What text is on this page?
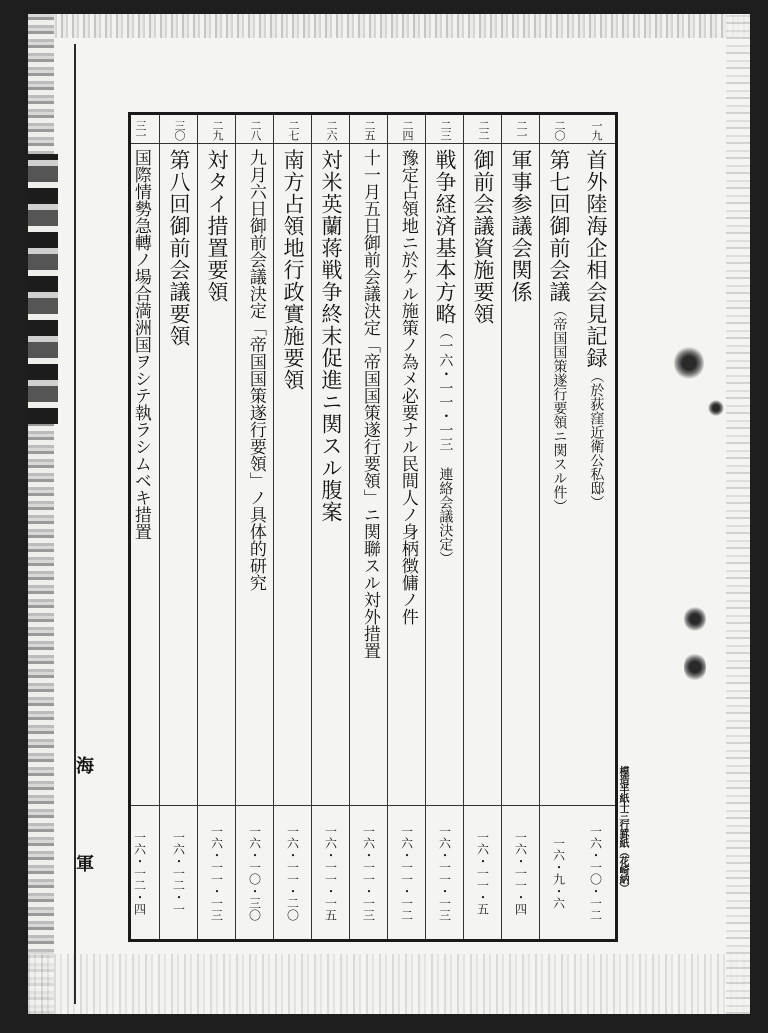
一九
首外陸海企相会見記録
（於荻窪近衛公私邸）
一六・一〇・一二
二〇
第七回御前会議
（帝国国策遂行要領ニ関スル件）
一六・九・六
二一
軍事参議会関係
一六・一一・四
二二
御前会議資施要領
一六・一一・五
二三
戦争経済基本方略
（一六・一一・一三 連絡会議決定）
一六・一一・一三
二四
豫定占領地ニ於ケル施策ノ為メ必要ナル民間人ノ身柄徴傭ノ件
一六・一一・一二
二五
十一月五日御前会議決定「帝国国策遂行要領」ニ関聯スル対外措置
一六・一一・一三
二六
対米英蘭蒋戦争終末促進ニ関スル腹案
一六・一一・一五
二七
南方占領地行政實施要領
一六・一一・二〇
二八
九月六日御前会議決定「帝国国策遂行要領」ノ具体的研究
一六・一〇・三〇
二九
対タイ措置要領
一六・一一・一三
三〇
第八回御前会議要領
一六・一二・一
三一
国際情勢急轉ノ場合満洲国ヲシテ執ラシムベキ措置
一六・一二・四	模造半紙十三行罫紙（花崎納）
海
軍
